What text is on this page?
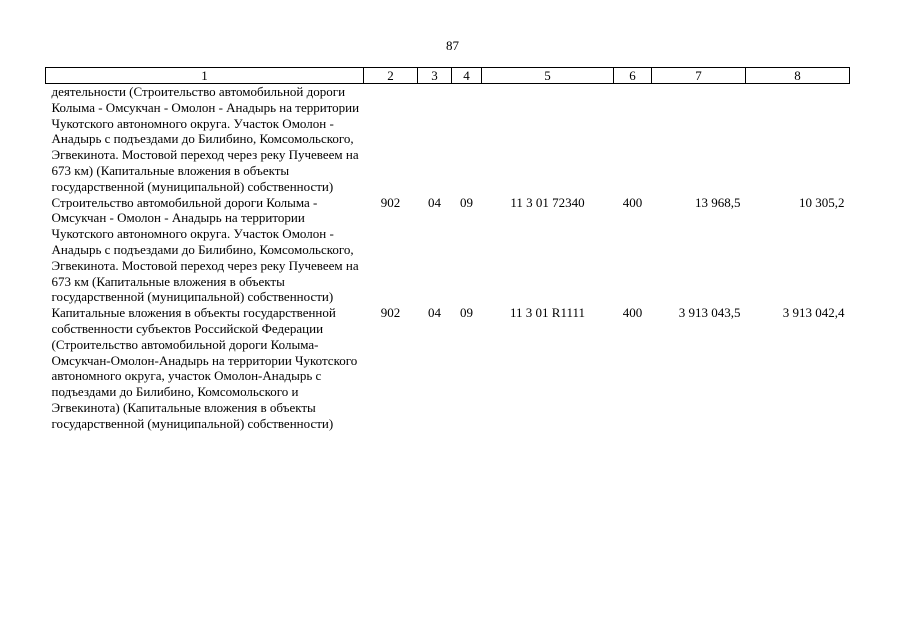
87
1	2	3	4	5	6	7	8
деятельности (Строительство автомобильной дороги Колыма - Омсукчан - Омолон - Анадырь на территории Чукотского автономного округа. Участок Омолон - Анадырь с подъездами до Билибино, Комсомольского, Эгвекинота. Мостовой переход через реку Пучевеем на 673 км) (Капитальные вложения в объекты государственной (муниципальной) собственности)							
Строительство автомобильной дороги Колыма - Омсукчан - Омолон - Анадырь на территории Чукотского автономного округа. Участок Омолон - Анадырь с подъездами до Билибино, Комсомольского, Эгвекинота. Мостовой переход через реку Пучевеем на 673 км (Капитальные вложения в объекты государственной (муниципальной) собственности)	902	04	09	11 3 01 72340	400	13 968,5	10 305,2
Капитальные вложения в объекты государственной собственности субъектов Российской Федерации (Строительство автомобильной дороги Колыма-Омсукчан-Омолон-Анадырь на территории Чукотского автономного округа, участок Омолон-Анадырь с подъездами до Билибино, Комсомольского и Эгвекинота) (Капитальные вложения в объекты государственной (муниципальной) собственности)	902	04	09	11 3 01 R1111	400	3 913 043,5	3 913 042,4
